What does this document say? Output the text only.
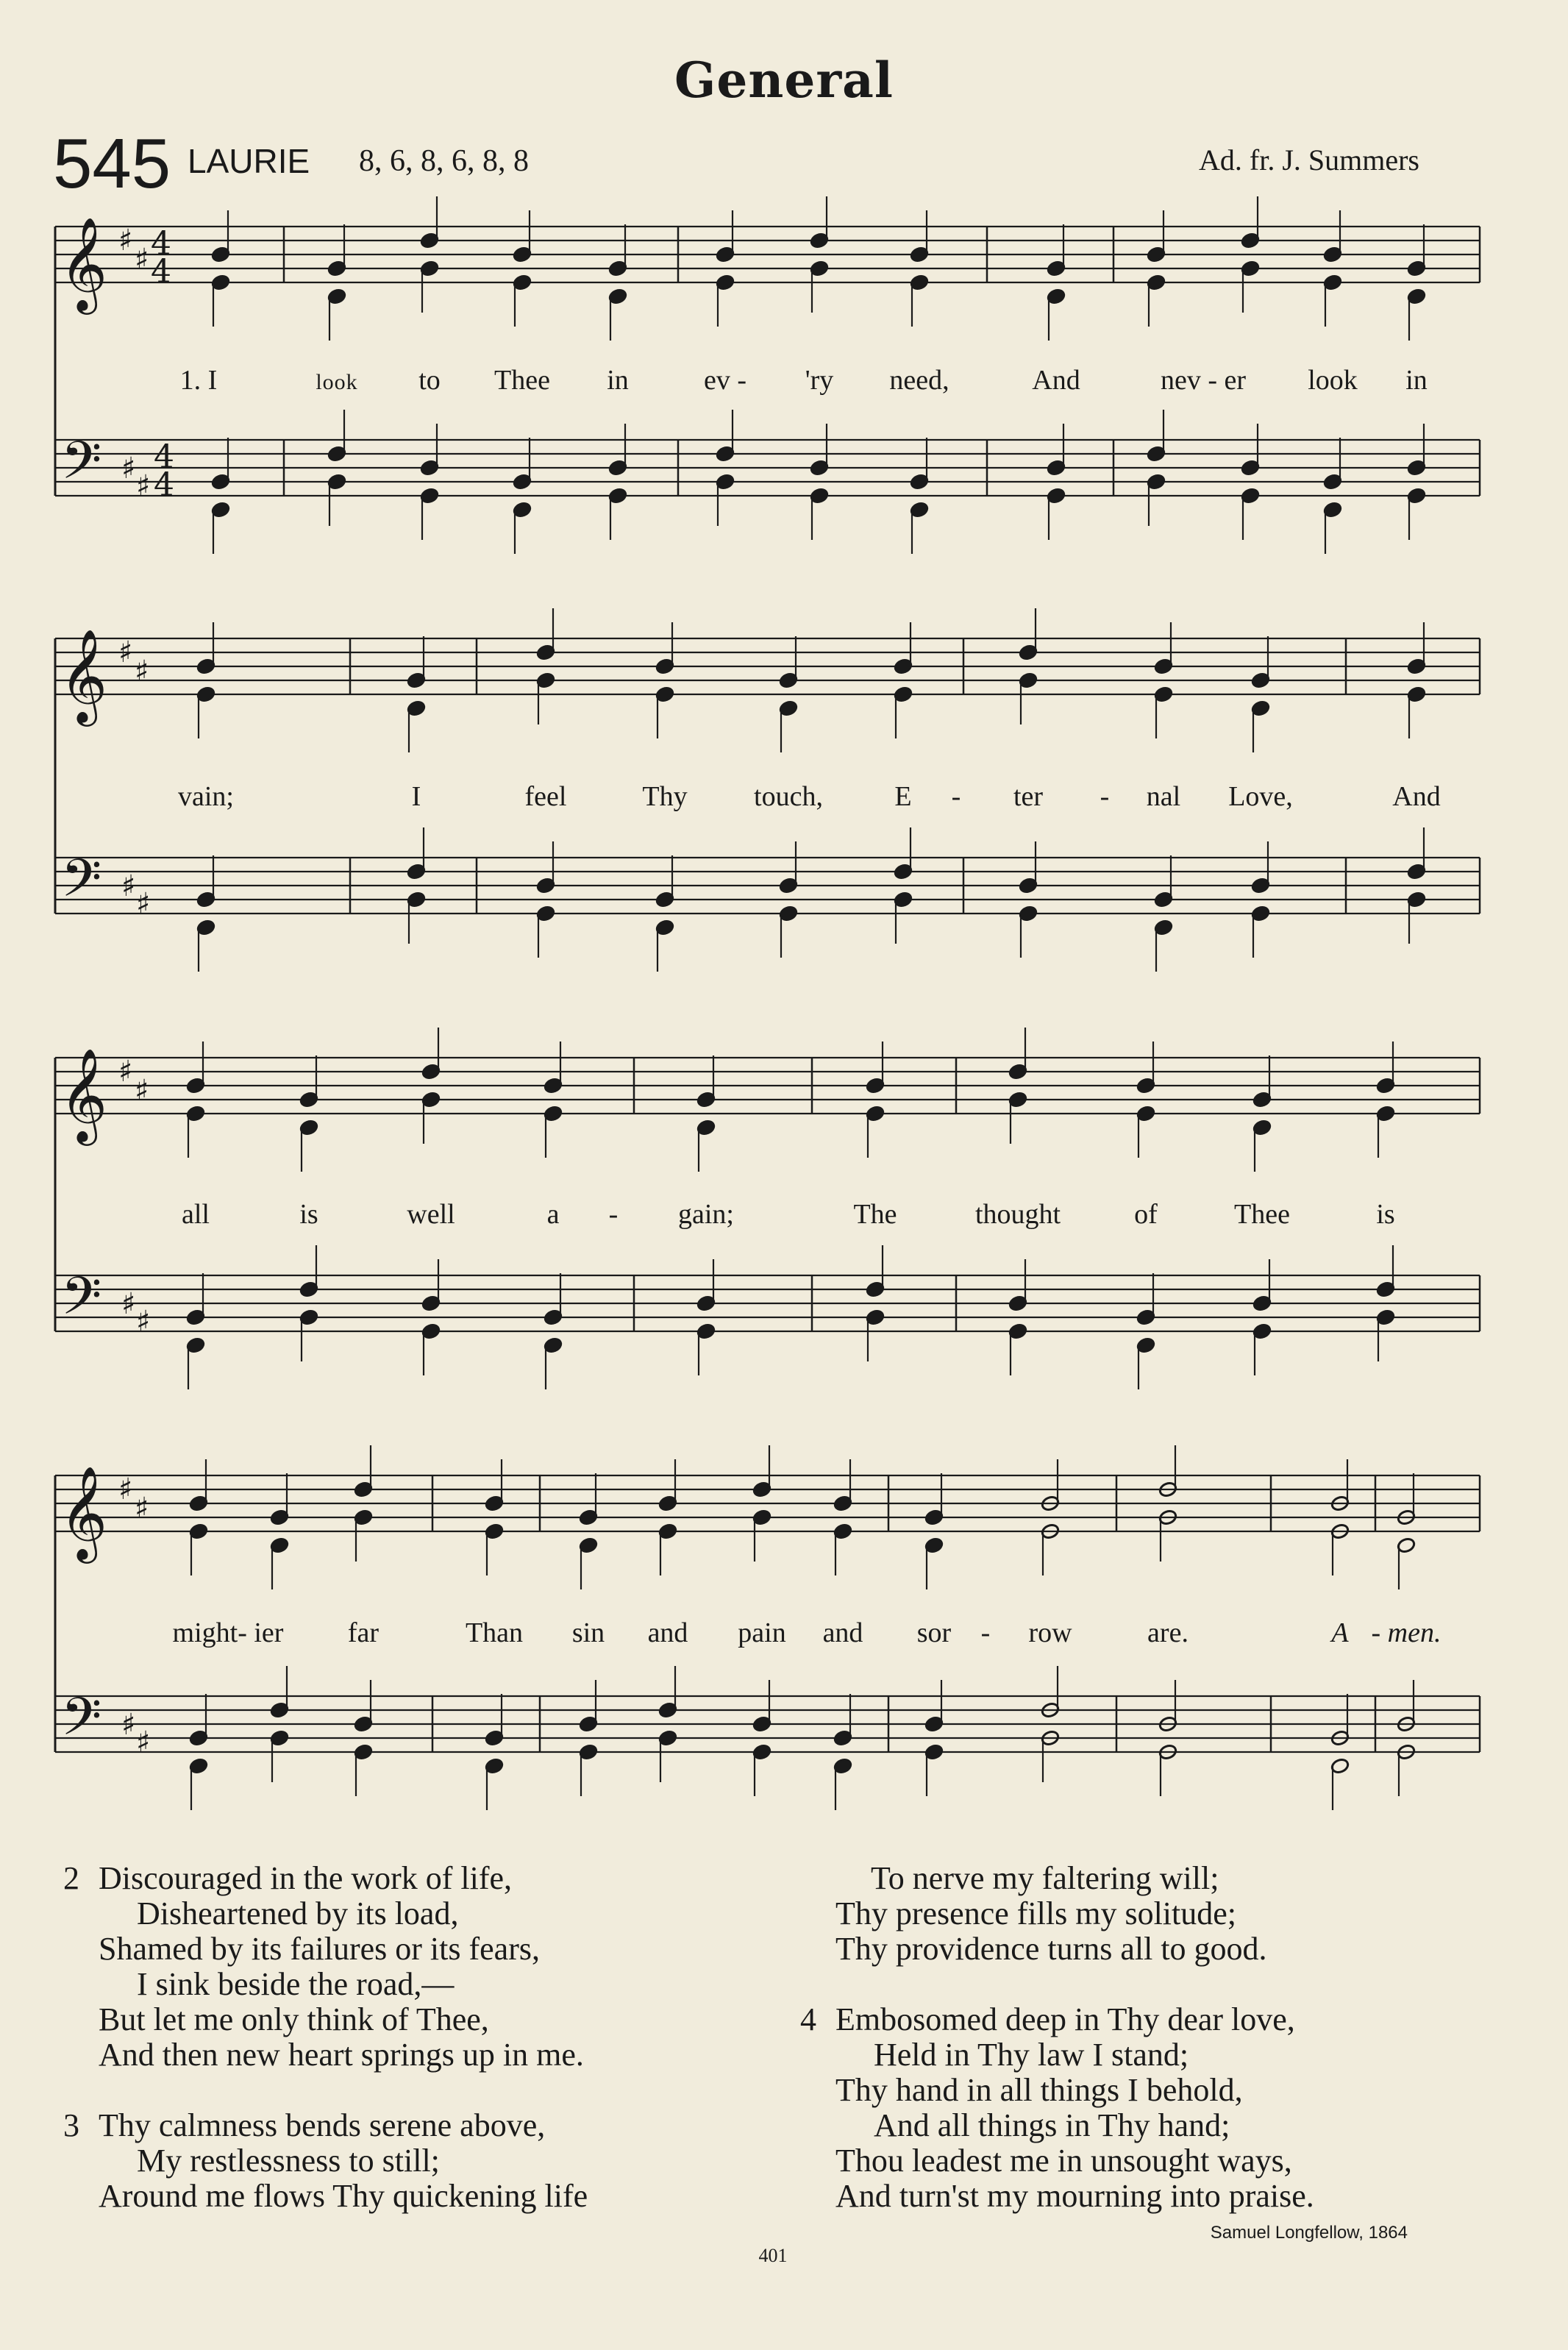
General
545 LAURIE 8, 6, 8, 6, 8, 8	Ad. fr. J. Summers
𝄞
𝄢
♯
♯
♯
♯
4
4
4
4
𝄞
𝄢
♯
♯
♯
♯
𝄞
𝄢
♯
♯
♯
♯
𝄞
𝄢
♯
♯
♯
♯
1. I	look to Thee in	ev - 'ry need,	And	nev - er look in
vain;	I	feel	Thy touch,	E - ter - nal Love,	And
all	is	well	a - gain;	The	thought	of	Thee	is
might- ier far	Than sin and pain and sor - row	are.	A - men.
2 Discouraged in the work of life,
Disheartened by its load,
Shamed by its failures or its fears,
I sink beside the road,—
But let me only think of Thee,
And then new heart springs up in me.
3 Thy calmness bends serene above,
My restlessness to still;
Around me flows Thy quickening life
To nerve my faltering will;
Thy presence fills my solitude;
Thy providence turns all to good.
4 Embosomed deep in Thy dear love,
Held in Thy law I stand;
Thy hand in all things I behold,
And all things in Thy hand;
Thou leadest me in unsought ways,
And turn'st my mourning into praise.
Samuel Longfellow, 1864
401
